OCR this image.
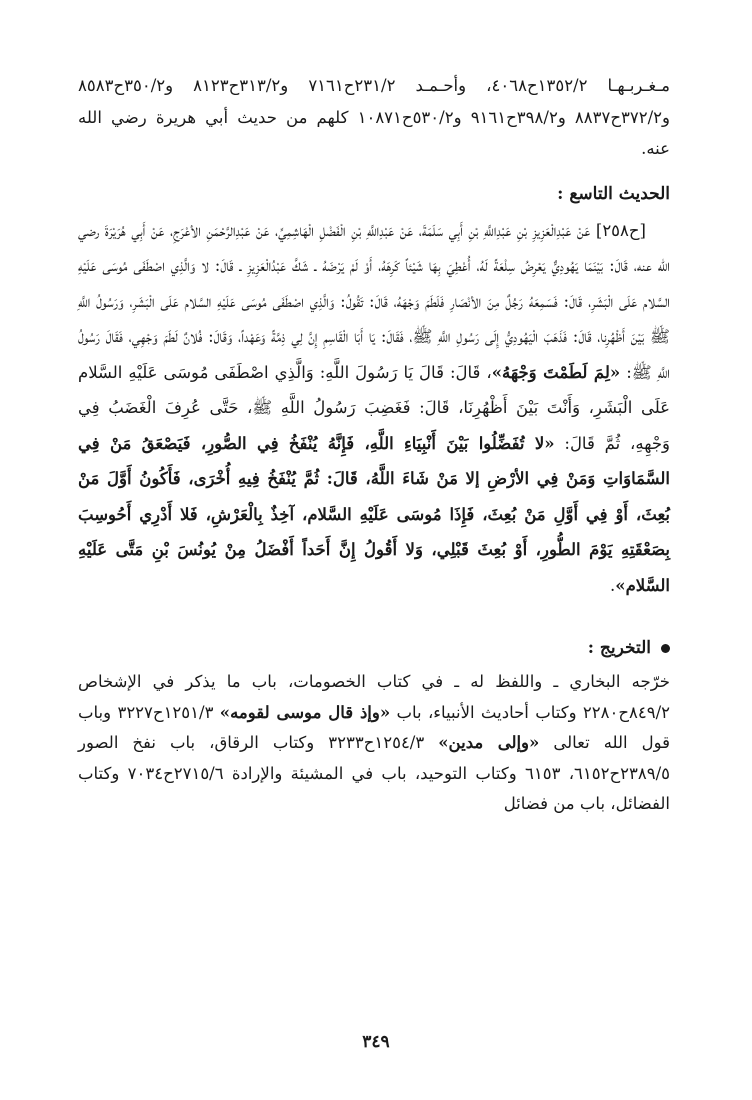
مـغـربـهـا ١٣٥٢/٢ح٤٠٦٨، وأحـمـد ٢٣١/٢ح٧١٦١ و٣١٣/٢ح٨١٢٣ و٣٥٠/٢ح٨٥٨٣ و٣٧٢/٢ح٨٨٣٧ و٣٩٨/٢ح٩١٦١ و٥٣٠/٢ح١٠٨٧١ كلهم من حديث أبي هريرة رضي الله عنه.

الحديث التاسع :

[ح٢٥٨] عَنْ عَبْدِالْعَزِيزِ بْنِ عَبْدِاللَّهِ بْنِ أَبِي سَلَمَةَ، عَنْ عَبْدِاللَّهِ بْنِ الْفَضْلِ الْهَاشِمِيِّ، عَنْ عَبْدِالرَّحْمَنِ الأعْرَجِ، عَنْ أَبِي هُرَيْرَةَ رضي الله عنه، قَالَ: بَيْنَمَا يَهُودِيٌّ يَعْرِضُ سِلْعَةً لَهُ، أُعْطِيَ بِهَا شَيْئاً كَرِهَهُ، أَوْ لَمْ يَرْضَهُ ـ شَكَّ عَبْدُالْعَزِيزِ ـ قَالَ: لا وَالَّذِي اصْطَفَى مُوسَى عَلَيْهِ السَّلام عَلَى الْبَشَرِ، قَالَ: فَسَمِعَهُ رَجُلٌ مِنَ الأنْصَارِ فَلَطَمَ وَجْهَهُ، قَالَ: تَقُولُ: وَالَّذِي اصْطَفَى مُوسَى عَلَيْهِ السَّلام عَلَى الْبَشَرِ، وَرَسُولُ اللَّهِ ﷺ بَيْنَ أَظْهُرِنا، قَالَ: فَذَهَبَ الْيَهُودِيُّ إِلَى رَسُولِ اللَّهِ ﷺ، فَقَالَ: يَا أَبَا الْقَاسِمِ إِنَّ لِي ذِمَّةً وَعَهْداً، وَقَالَ: فُلانٌ لَطَمَ وَجْهِي، فَقَالَ رَسُولُ اللَّهِ ﷺ: «لِمَ لَطَمْتَ وَجْهَهُ»، قَالَ: قَالَ يَا رَسُولَ اللَّهِ: وَالَّذِي اصْطَفَى مُوسَى عَلَيْهِ السَّلام عَلَى الْبَشَرِ، وَأَنْتَ بَيْنَ أَظْهُرِنَا، قَالَ: فَغَضِبَ رَسُولُ اللَّهِ ﷺ، حَتَّى عُرِفَ الْغَضَبُ فِي وَجْهِهِ، ثُمَّ قَالَ: «لا تُفَضِّلُوا بَيْنَ أَنْبِيَاءِ اللَّهِ، فَإِنَّهُ يُنْفَخُ فِي الصُّورِ، فَيَصْعَقُ مَنْ فِي السَّمَاوَاتِ وَمَنْ فِي الأرْضِ إلا مَنْ شَاءَ اللَّهُ، قَالَ: ثُمَّ يُنْفَخُ فِيهِ أُخْرَى، فَأَكُونُ أَوَّلَ مَنْ بُعِثَ، أَوْ فِي أَوَّلِ مَنْ بُعِثَ، فَإِذَا مُوسَى عَلَيْهِ السَّلام، آخِذٌ بِالْعَرْشِ، فَلا أَدْرِي أَحُوسِبَ بِصَعْقَتِهِ يَوْمَ الطُّورِ، أَوْ بُعِثَ قَبْلِي، وَلا أَقُولُ إِنَّ أَحَداً أَفْضَلُ مِنْ يُونُسَ بْنِ مَتَّى عَلَيْهِ السَّلام».

التخريج :

خرّجه البخاري ـ واللفظ له ـ في كتاب الخصومات، باب ما يذكر في الإشخاص ٨٤٩/٢ح٢٢٨٠ وكتاب أحاديث الأنبياء، باب «وإذ قال موسى لقومه» ١٢٥١/٣ح٣٢٢٧ وباب قول الله تعالى «وإلى مدين» ١٢٥٤/٣ح٣٢٣٣ وكتاب الرقاق، باب نفخ الصور ٢٣٨٩/٥ح٦١٥٢، ٦١٥٣ وكتاب التوحيد، باب في المشيئة والإرادة ٢٧١٥/٦ح٧٠٣٤ وكتاب الفضائل، باب من فضائل

٣٤٩
